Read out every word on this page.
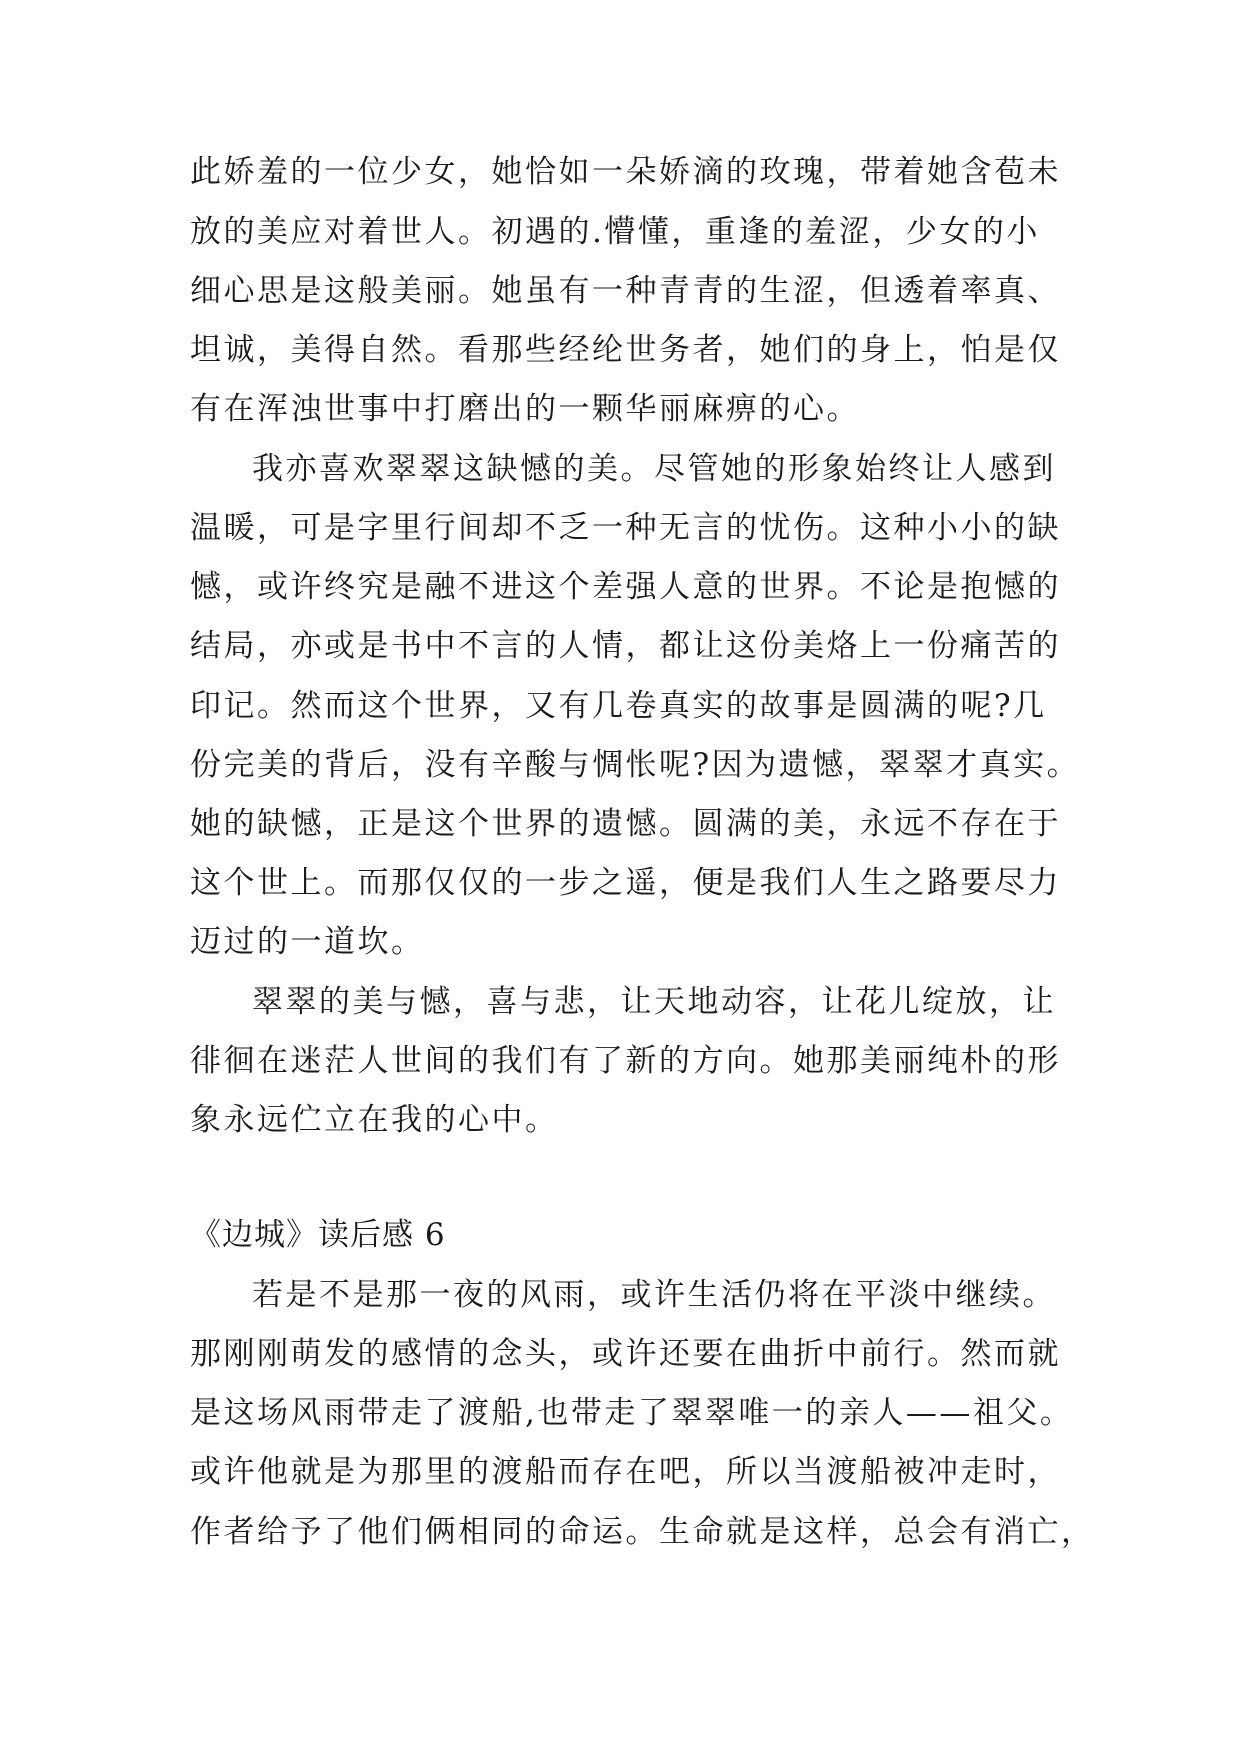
此娇羞的一位少女，她恰如一朵娇滴的玫瑰，带着她含苞未
放的美应对着世人。初遇的.懵懂，重逢的羞涩，少女的小
细心思是这般美丽。她虽有一种青青的生涩，但透着率真、
坦诚，美得自然。看那些经纶世务者，她们的身上，怕是仅
有在浑浊世事中打磨出的一颗华丽麻痹的心。
我亦喜欢翠翠这缺憾的美。尽管她的形象始终让人感到
温暖，可是字里行间却不乏一种无言的忧伤。这种小小的缺
憾，或许终究是融不进这个差强人意的世界。不论是抱憾的
结局，亦或是书中不言的人情，都让这份美烙上一份痛苦的
印记。然而这个世界，又有几卷真实的故事是圆满的呢?几
份完美的背后，没有辛酸与惆怅呢?因为遗憾，翠翠才真实。
她的缺憾，正是这个世界的遗憾。圆满的美，永远不存在于
这个世上。而那仅仅的一步之遥，便是我们人生之路要尽力
迈过的一道坎。
翠翠的美与憾，喜与悲，让天地动容，让花儿绽放，让
徘徊在迷茫人世间的我们有了新的方向。她那美丽纯朴的形
象永远伫立在我的心中。
《边城》读后感 6
若是不是那一夜的风雨，或许生活仍将在平淡中继续。
那刚刚萌发的感情的念头，或许还要在曲折中前行。然而就
是这场风雨带走了渡船,也带走了翠翠唯一的亲人——祖父。
或许他就是为那里的渡船而存在吧，所以当渡船被冲走时，
作者给予了他们俩相同的命运。生命就是这样，总会有消亡，
